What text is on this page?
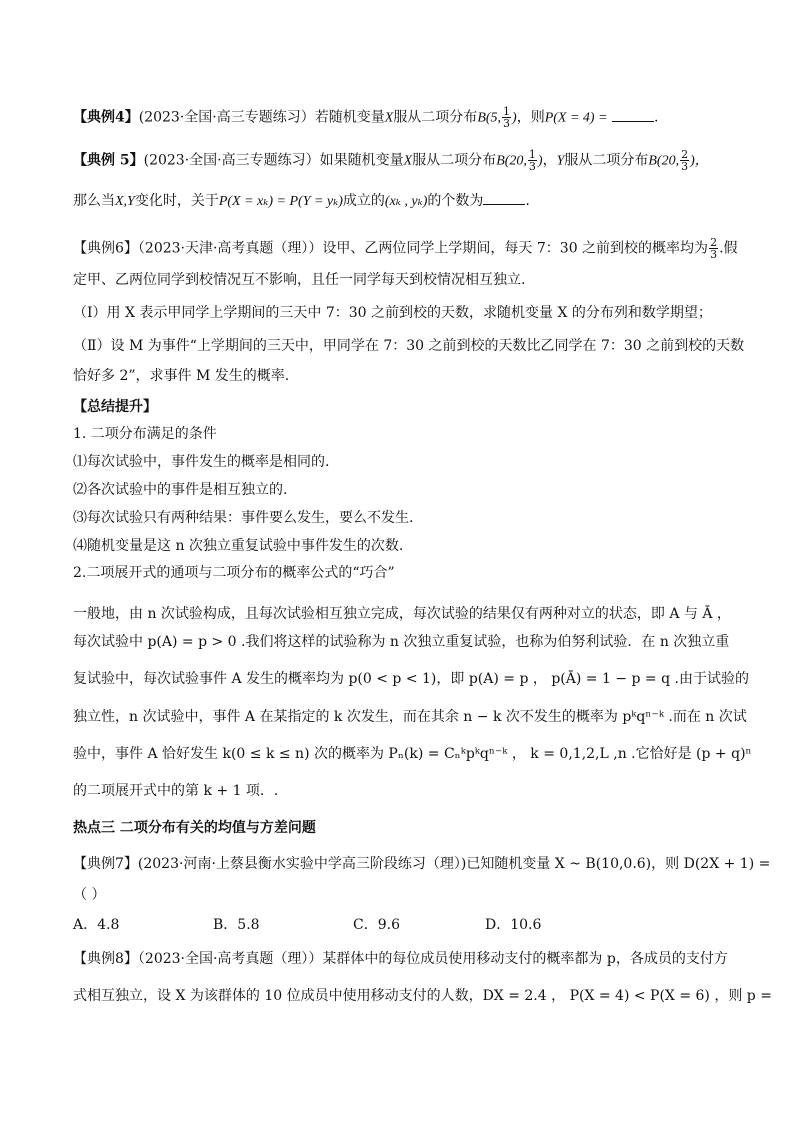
【典例4】(2023·全国·高三专题练习）若随机变量X服从二项分布B(5, $\frac{1}{3}$ )，则P(X = 4) =	.
【典例 5】(2023·全国·高三专题练习）如果随机变量X服从二项分布B(20, $\frac{1}{3}$ )，Y服从二项分布B(20, $\frac{2}{3}$ )，
那么当X,Y变化时，关于P(X = xₖ) = P(Y = yₖ)成立的(xₖ , yₖ)的个数为	.
【典例6】（2023·天津·高考真题（理））设甲、乙两位同学上学期间，每天 7：30 之前到校的概率均为 $\frac{2}{3}$ .假
定甲、乙两位同学到校情况互不影响，且任一同学每天到校情况相互独立.
（Ⅰ）用 X 表示甲同学上学期间的三天中 7：30 之前到校的天数，求随机变量 X 的分布列和数学期望；
（Ⅱ）设 M 为事件“上学期间的三天中，甲同学在 7：30 之前到校的天数比乙同学在 7：30 之前到校的天数
恰好多 2”，求事件 M 发生的概率.
【总结提升】
1. 二项分布满足的条件
⑴每次试验中，事件发生的概率是相同的.
⑵各次试验中的事件是相互独立的.
⑶每次试验只有两种结果：事件要么发生，要么不发生.
⑷随机变量是这 n 次独立重复试验中事件发生的次数.
2.二项展开式的通项与二项分布的概率公式的“巧合”
一般地，由 n 次试验构成，且每次试验相互独立完成，每次试验的结果仅有两种对立的状态，即 A 与 Ā ，
每次试验中 p(A) = p > 0 .我们将这样的试验称为 n 次独立重复试验，也称为伯努利试验．在 n 次独立重
复试验中，每次试验事件 A 发生的概率均为 p(0 < p < 1)，即 p(A) = p ， p(Ā) = 1 − p = q .由于试验的
独立性，n 次试验中，事件 A 在某指定的 k 次发生，而在其余 n − k 次不发生的概率为 pᵏqⁿ⁻ᵏ .而在 n 次试
验中，事件 A 恰好发生 k(0 ≤ k ≤ n) 次的概率为 Pₙ(k) = Cₙᵏpᵏqⁿ⁻ᵏ ， k = 0,1,2,L ,n .它恰好是 (p + q)ⁿ
的二项展开式中的第 k + 1 项．.
热点三 二项分布有关的均值与方差问题
【典例7】(2023·河南·上蔡县衡水实验中学高三阶段练习（理）)已知随机变量 X ~ B(10,0.6)，则 D(2X + 1) =
（ ）
A．4.8	B．5.8	C．9.6	D．10.6
【典例8】（2023·全国·高考真题（理））某群体中的每位成员使用移动支付的概率都为 p，各成员的支付方
式相互独立，设 X 为该群体的 10 位成员中使用移动支付的人数，DX = 2.4 ， P(X = 4) < P(X = 6) ，则 p =
